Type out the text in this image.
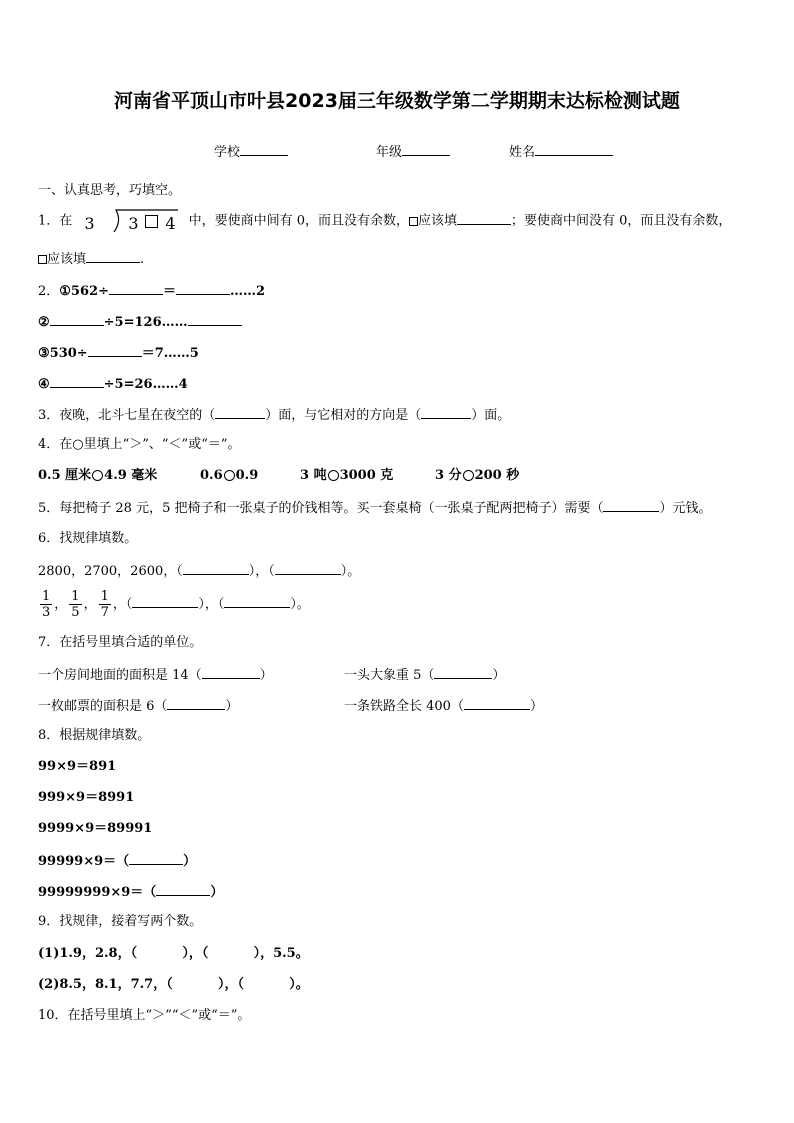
河南省平顶山市叶县2023届三年级数学第二学期期末达标检测试题
学校	年级	姓名
一、认真思考，巧填空。
1．在 3 3 4 中，要使商中间有 0，而且没有余数， 应该填	；要使商中间没有 0，而且没有余数，
应该填	.
2．①562÷	＝	……2
②	÷5=126……
③530÷	＝7……5
④	÷5=26……4
3．夜晚，北斗七星在夜空的（	）面，与它相对的方向是（	）面。
4．在○里填上“＞”、“＜”或“＝”。
0.5 厘米 4.9 毫米	0.6 0.9	3 吨 3000 克	3 分 200 秒
5．每把椅子 28 元，5 把椅子和一张桌子的价钱相等。买一套桌椅（一张桌子配两把椅子）需要（	）元钱。
6．找规律填数。
2800，2700，2600，（	），（	）。
$\frac{1}{3}$ ， $\frac{1}{5}$ ， $\frac{1}{7}$ ，（	），（	）。
7．在括号里填合适的单位。
一个房间地面的面积是 14（	）	一头大象重 5（	）
一枚邮票的面积是 6（	）	一条铁路全长 400（	）
8．根据规律填数。
99×9＝891
999×9＝8991
9999×9＝89991
99999×9＝（	）
99999999×9＝（	）
9．找规律，接着写两个数。
(1)1.9，2.8，（          ），（          ），5.5。
(2)8.5，8.1，7.7，（          ），（          ）。
10．在括号里填上“＞”“＜”或“＝”。
